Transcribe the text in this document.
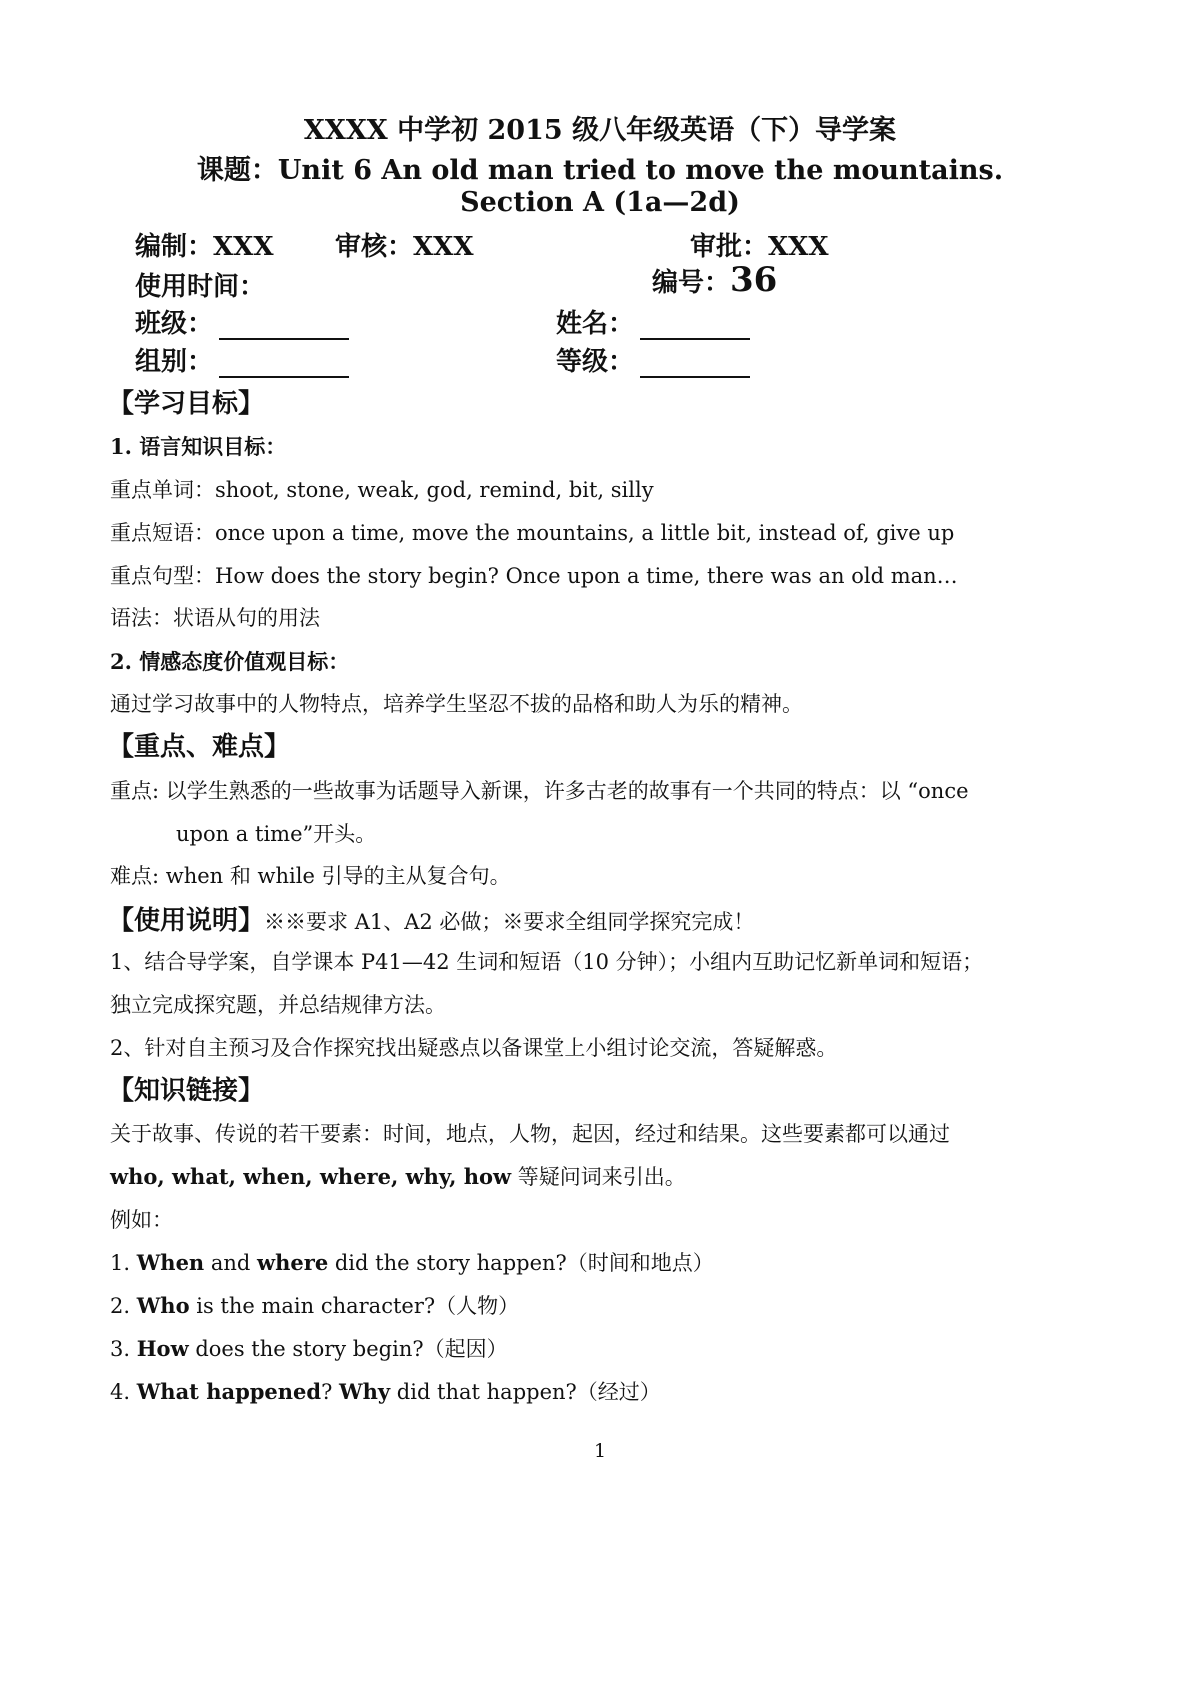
XXXX 中学初 2015 级八年级英语（下）导学案
课题：Unit 6 An old man tried to move the mountains.
Section A (1a—2d)
编制：XXX 审核：XXX	审批：XXX
使用时间：	编号：36
班级：	姓名：
组别：	等级：
【学习目标】
1. 语言知识目标：
重点单词：shoot, stone, weak, god, remind, bit, silly
重点短语：once upon a time, move the mountains, a little bit, instead of, give up
重点句型：How does the story begin? Once upon a time, there was an old man…
语法：状语从句的用法
2. 情感态度价值观目标：
通过学习故事中的人物特点，培养学生坚忍不拔的品格和助人为乐的精神。
【重点、难点】
重点: 以学生熟悉的一些故事为话题导入新课，许多古老的故事有一个共同的特点：以 “once
upon a time”开头。
难点: when 和 while 引导的主从复合句。
【使用说明】※※要求 A1、A2 必做；※要求全组同学探究完成！
1、结合导学案，自学课本 P41—42 生词和短语（10 分钟）；小组内互助记忆新单词和短语；
独立完成探究题，并总结规律方法。
2、针对自主预习及合作探究找出疑惑点以备课堂上小组讨论交流，答疑解惑。
【知识链接】
关于故事、传说的若干要素：时间，地点，人物，起因，经过和结果。这些要素都可以通过
who, what, when, where, why, how 等疑问词来引出。
例如：
1. When and where did the story happen?（时间和地点）
2. Who is the main character?（人物）
3. How does the story begin?（起因）
4. What happened? Why did that happen?（经过）
1
